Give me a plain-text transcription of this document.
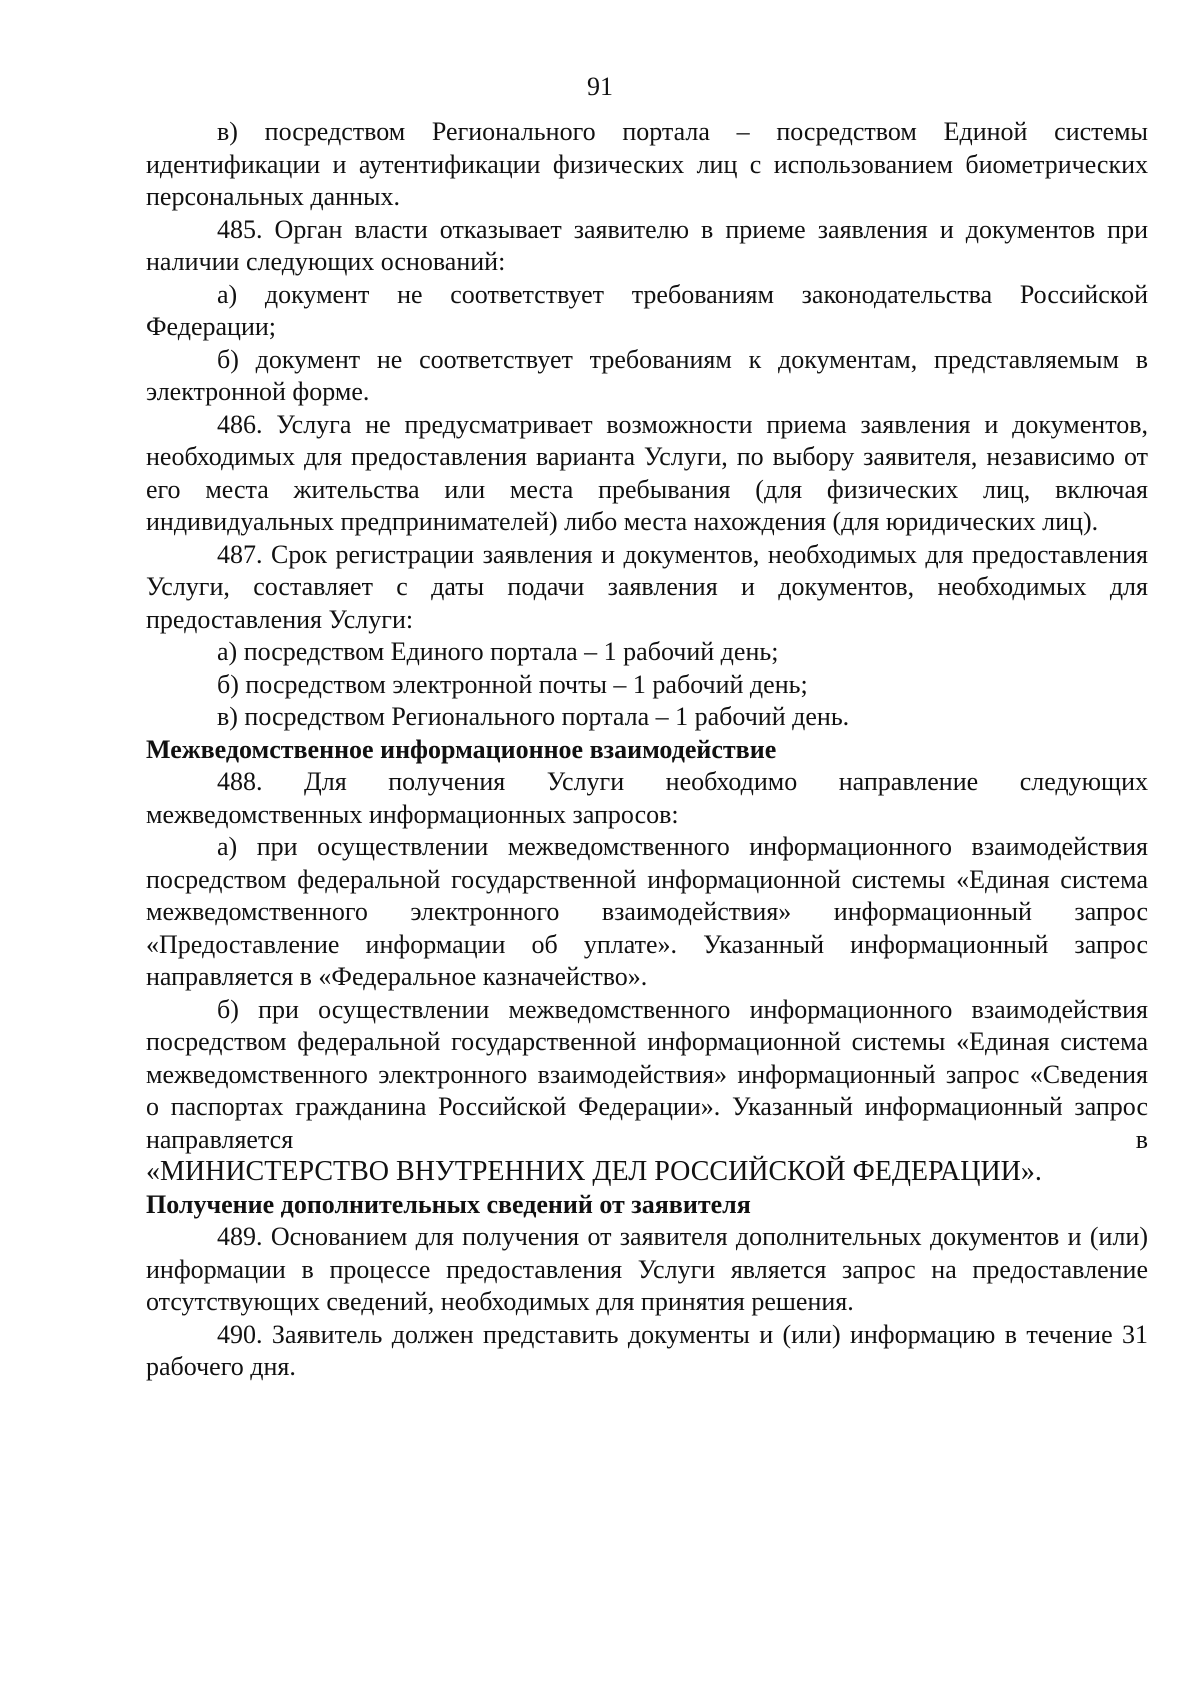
91

в) посредством Регионального портала – посредством Единой системы идентификации и аутентификации физических лиц с использованием биометрических персональных данных.

485. Орган власти отказывает заявителю в приеме заявления и документов при наличии следующих оснований:

а) документ не соответствует требованиям законодательства Российской Федерации;

б) документ не соответствует требованиям к документам, представляемым в электронной форме.

486. Услуга не предусматривает возможности приема заявления и документов, необходимых для предоставления варианта Услуги, по выбору заявителя, независимо от его места жительства или места пребывания (для физических лиц, включая индивидуальных предпринимателей) либо места нахождения (для юридических лиц).

487. Срок регистрации заявления и документов, необходимых для предоставления Услуги, составляет с даты подачи заявления и документов, необходимых для предоставления Услуги:

а) посредством Единого портала – 1 рабочий день;

б) посредством электронной почты – 1 рабочий день;

в) посредством Регионального портала – 1 рабочий день.

Межведомственное информационное взаимодействие

488. Для получения Услуги необходимо направление следующих межведомственных информационных запросов:

а) при осуществлении межведомственного информационного взаимодействия посредством федеральной государственной информационной системы «Единая система межведомственного электронного взаимодействия» информационный запрос «Предоставление информации об уплате». Указанный информационный запрос направляется в «Федеральное казначейство».

б) при осуществлении межведомственного информационного взаимодействия посредством федеральной государственной информационной системы «Единая система межведомственного электронного взаимодействия» информационный запрос «Сведения о паспортах гражданина Российской Федерации». Указанный информационный запрос направляется в

«МИНИСТЕРСТВО ВНУТРЕННИХ ДЕЛ РОССИЙСКОЙ ФЕДЕРАЦИИ».

Получение дополнительных сведений от заявителя

489. Основанием для получения от заявителя дополнительных документов и (или) информации в процессе предоставления Услуги является запрос на предоставление отсутствующих сведений, необходимых для принятия решения.

490. Заявитель должен представить документы и (или) информацию в течение 31 рабочего дня.
